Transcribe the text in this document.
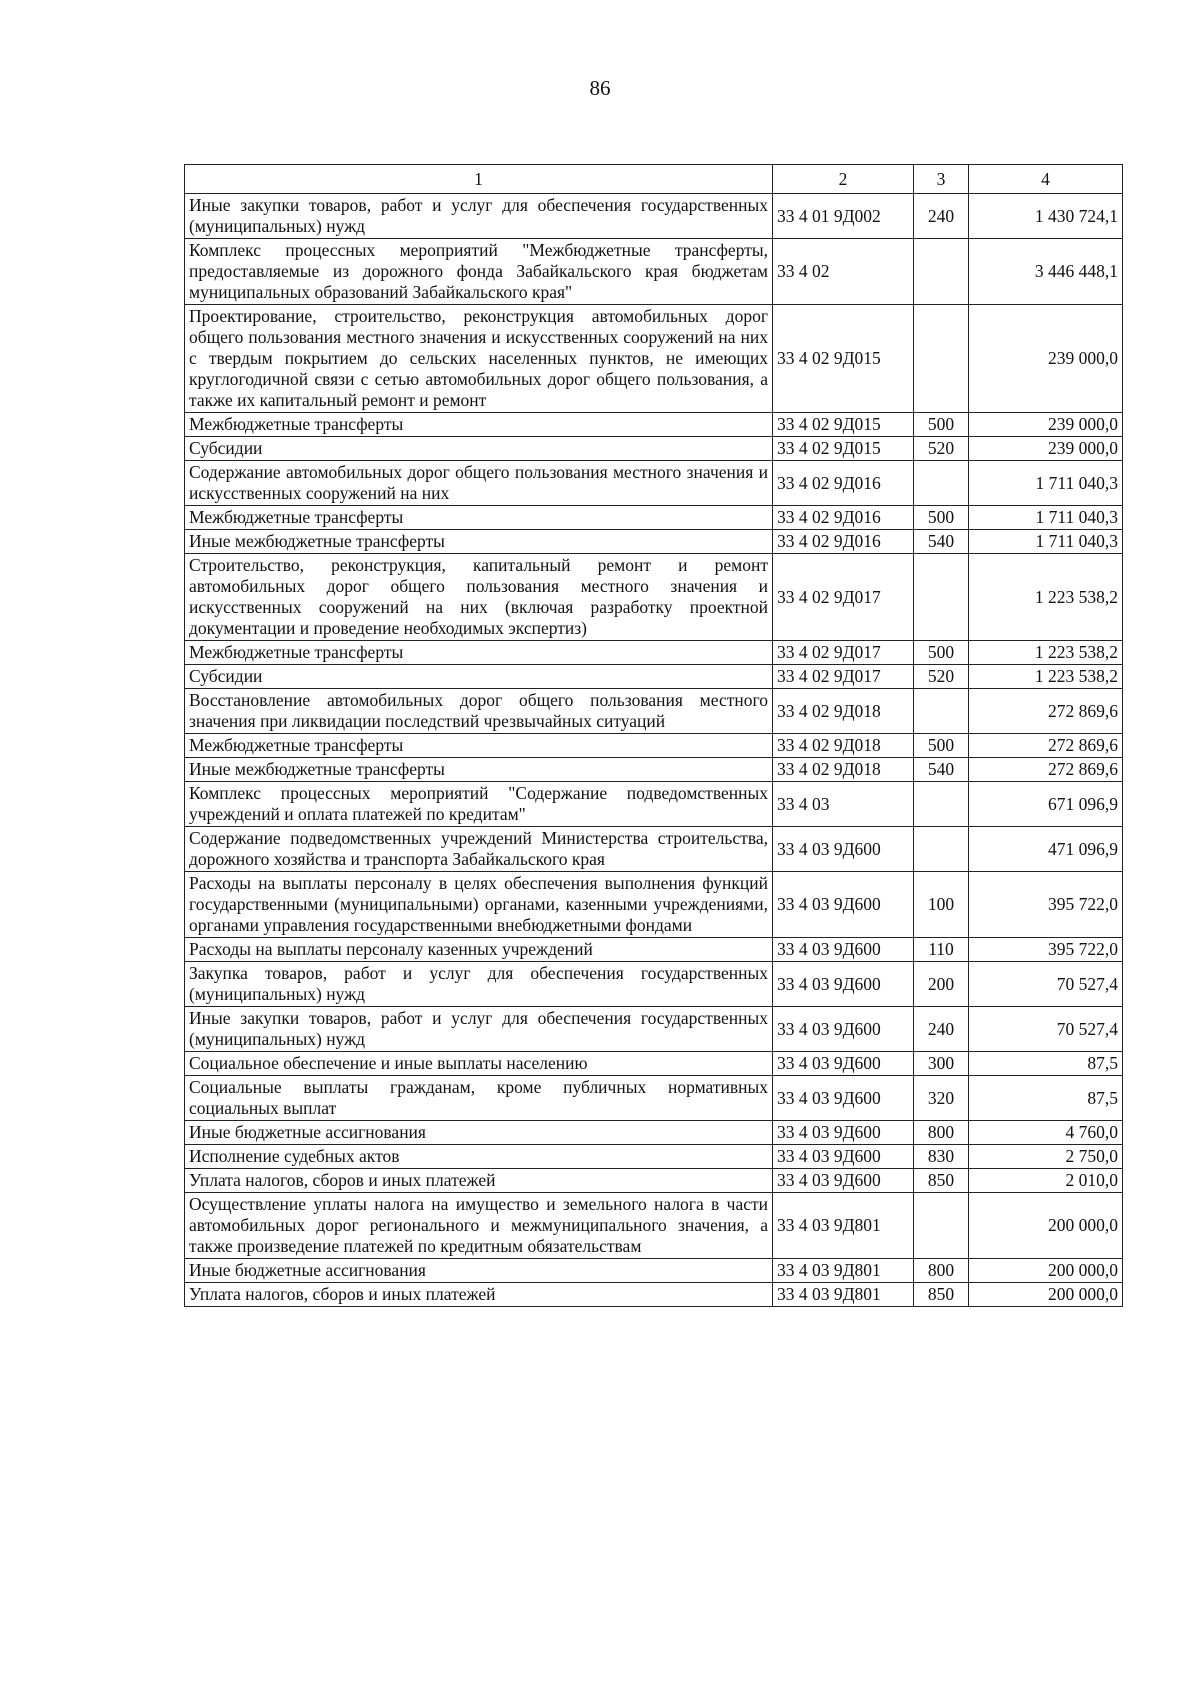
86
1	2	3	4
Иные закупки товаров, работ и услуг для обеспечения государственных (муниципальных) нужд	33 4 01 9Д002	240	1 430 724,1
Комплекс процессных мероприятий "Межбюджетные трансферты, предоставляемые из дорожного фонда Забайкальского края бюджетам муниципальных образований Забайкальского края"	33 4 02		3 446 448,1
Проектирование, строительство, реконструкция автомобильных дорог общего пользования местного значения и искусственных сооружений на них с твердым покрытием до сельских населенных пунктов, не имеющих круглогодичной связи с сетью автомобильных дорог общего пользования, а также их капитальный ремонт и ремонт	33 4 02 9Д015		239 000,0
Межбюджетные трансферты	33 4 02 9Д015	500	239 000,0
Субсидии	33 4 02 9Д015	520	239 000,0
Содержание автомобильных дорог общего пользования местного значения и искусственных сооружений на них	33 4 02 9Д016		1 711 040,3
Межбюджетные трансферты	33 4 02 9Д016	500	1 711 040,3
Иные межбюджетные трансферты	33 4 02 9Д016	540	1 711 040,3
Строительство, реконструкция, капитальный ремонт и ремонт автомобильных дорог общего пользования местного значения и искусственных сооружений на них (включая разработку проектной документации и проведение необходимых экспертиз)	33 4 02 9Д017		1 223 538,2
Межбюджетные трансферты	33 4 02 9Д017	500	1 223 538,2
Субсидии	33 4 02 9Д017	520	1 223 538,2
Восстановление автомобильных дорог общего пользования местного значения при ликвидации последствий чрезвычайных ситуаций	33 4 02 9Д018		272 869,6
Межбюджетные трансферты	33 4 02 9Д018	500	272 869,6
Иные межбюджетные трансферты	33 4 02 9Д018	540	272 869,6
Комплекс процессных мероприятий "Содержание подведомственных учреждений и оплата платежей по кредитам"	33 4 03		671 096,9
Содержание подведомственных учреждений Министерства строительства, дорожного хозяйства и транспорта Забайкальского края	33 4 03 9Д600		471 096,9
Расходы на выплаты персоналу в целях обеспечения выполнения функций государственными (муниципальными) органами, казенными учреждениями, органами управления государственными внебюджетными фондами	33 4 03 9Д600	100	395 722,0
Расходы на выплаты персоналу казенных учреждений	33 4 03 9Д600	110	395 722,0
Закупка товаров, работ и услуг для обеспечения государственных (муниципальных) нужд	33 4 03 9Д600	200	70 527,4
Иные закупки товаров, работ и услуг для обеспечения государственных (муниципальных) нужд	33 4 03 9Д600	240	70 527,4
Социальное обеспечение и иные выплаты населению	33 4 03 9Д600	300	87,5
Социальные выплаты гражданам, кроме публичных нормативных социальных выплат	33 4 03 9Д600	320	87,5
Иные бюджетные ассигнования	33 4 03 9Д600	800	4 760,0
Исполнение судебных актов	33 4 03 9Д600	830	2 750,0
Уплата налогов, сборов и иных платежей	33 4 03 9Д600	850	2 010,0
Осуществление уплаты налога на имущество и земельного налога в части автомобильных дорог регионального и межмуниципального значения, а также произведение платежей по кредитным обязательствам	33 4 03 9Д801		200 000,0
Иные бюджетные ассигнования	33 4 03 9Д801	800	200 000,0
Уплата налогов, сборов и иных платежей	33 4 03 9Д801	850	200 000,0
